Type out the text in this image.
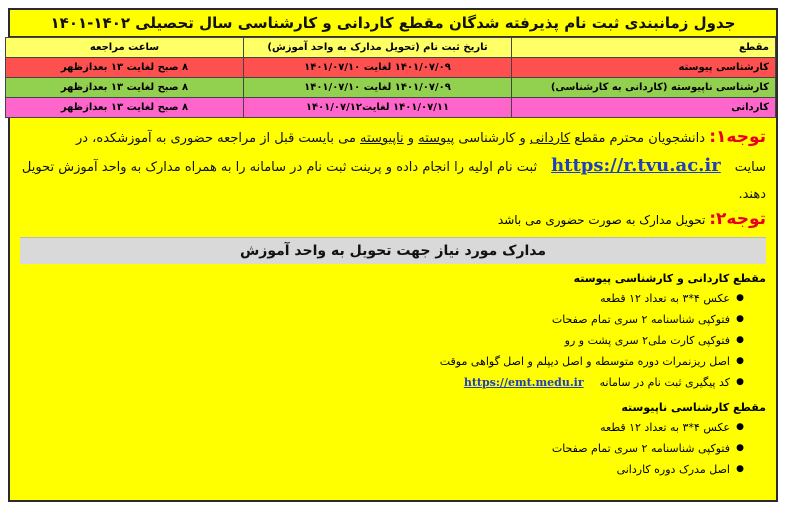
جدول زمانبندی ثبت نام پذیرفته شدگان مقطع کاردانی و کارشناسی سال تحصیلی ۱۴۰۲-۱۴۰۱
مقطع	تاریخ ثبت نام (تحویل مدارک به واحد آموزش)	ساعت مراجعه
کارشناسی پیوسته	۱۴۰۱/۰۷/۰۹ لغایت ۱۴۰۱/۰۷/۱۰	۸ صبح لغایت ۱۳ بعدازظهر
کارشناسی ناپیوسته (کاردانی به کارشناسی)	۱۴۰۱/۰۷/۰۹ لغایت ۱۴۰۱/۰۷/۱۰	۸ صبح لغایت ۱۳ بعدازظهر
کاردانی	۱۴۰۱/۰۷/۱۱ لغایت۱۴۰۱/۰۷/۱۲	۸ صبح لغایت ۱۳ بعدازظهر
توجه۱: دانشجویان محترم مقطع کاردانی و کارشناسی پیوسته و ناپیوسته می بایست قبل از مراجعه حضوری به آموزشکده، در سایتhttps://r.tvu.ac.irثبت نام اولیه را انجام داده و پرینت ثبت نام در سامانه را به همراه مدارک به واحد آموزش تحویل دهند.
توجه۲: تحویل مدارک به صورت حضوری می باشد
مدارک مورد نیاز جهت تحویل به واحد آموزش
مقطع کاردانی و کارشناسی پیوسته
●
عکس ۴*۳ به تعداد ۱۲ قطعه
●
فتوکپی شناسنامه ۲ سری تمام صفحات
●
فتوکپی کارت ملی۲ سری پشت و رو
●
اصل ریزنمرات دوره متوسطه و اصل دیپلم و اصل گواهی موقت
●
کد پیگیری ثبت نام در سامانهhttps://emt.medu.ir
مقطع کارشناسی ناپیوسته
●
عکس ۴*۳ به تعداد ۱۲ قطعه
●
فتوکپی شناسنامه ۲ سری تمام صفحات
●
اصل مدرک دوره کاردانی
